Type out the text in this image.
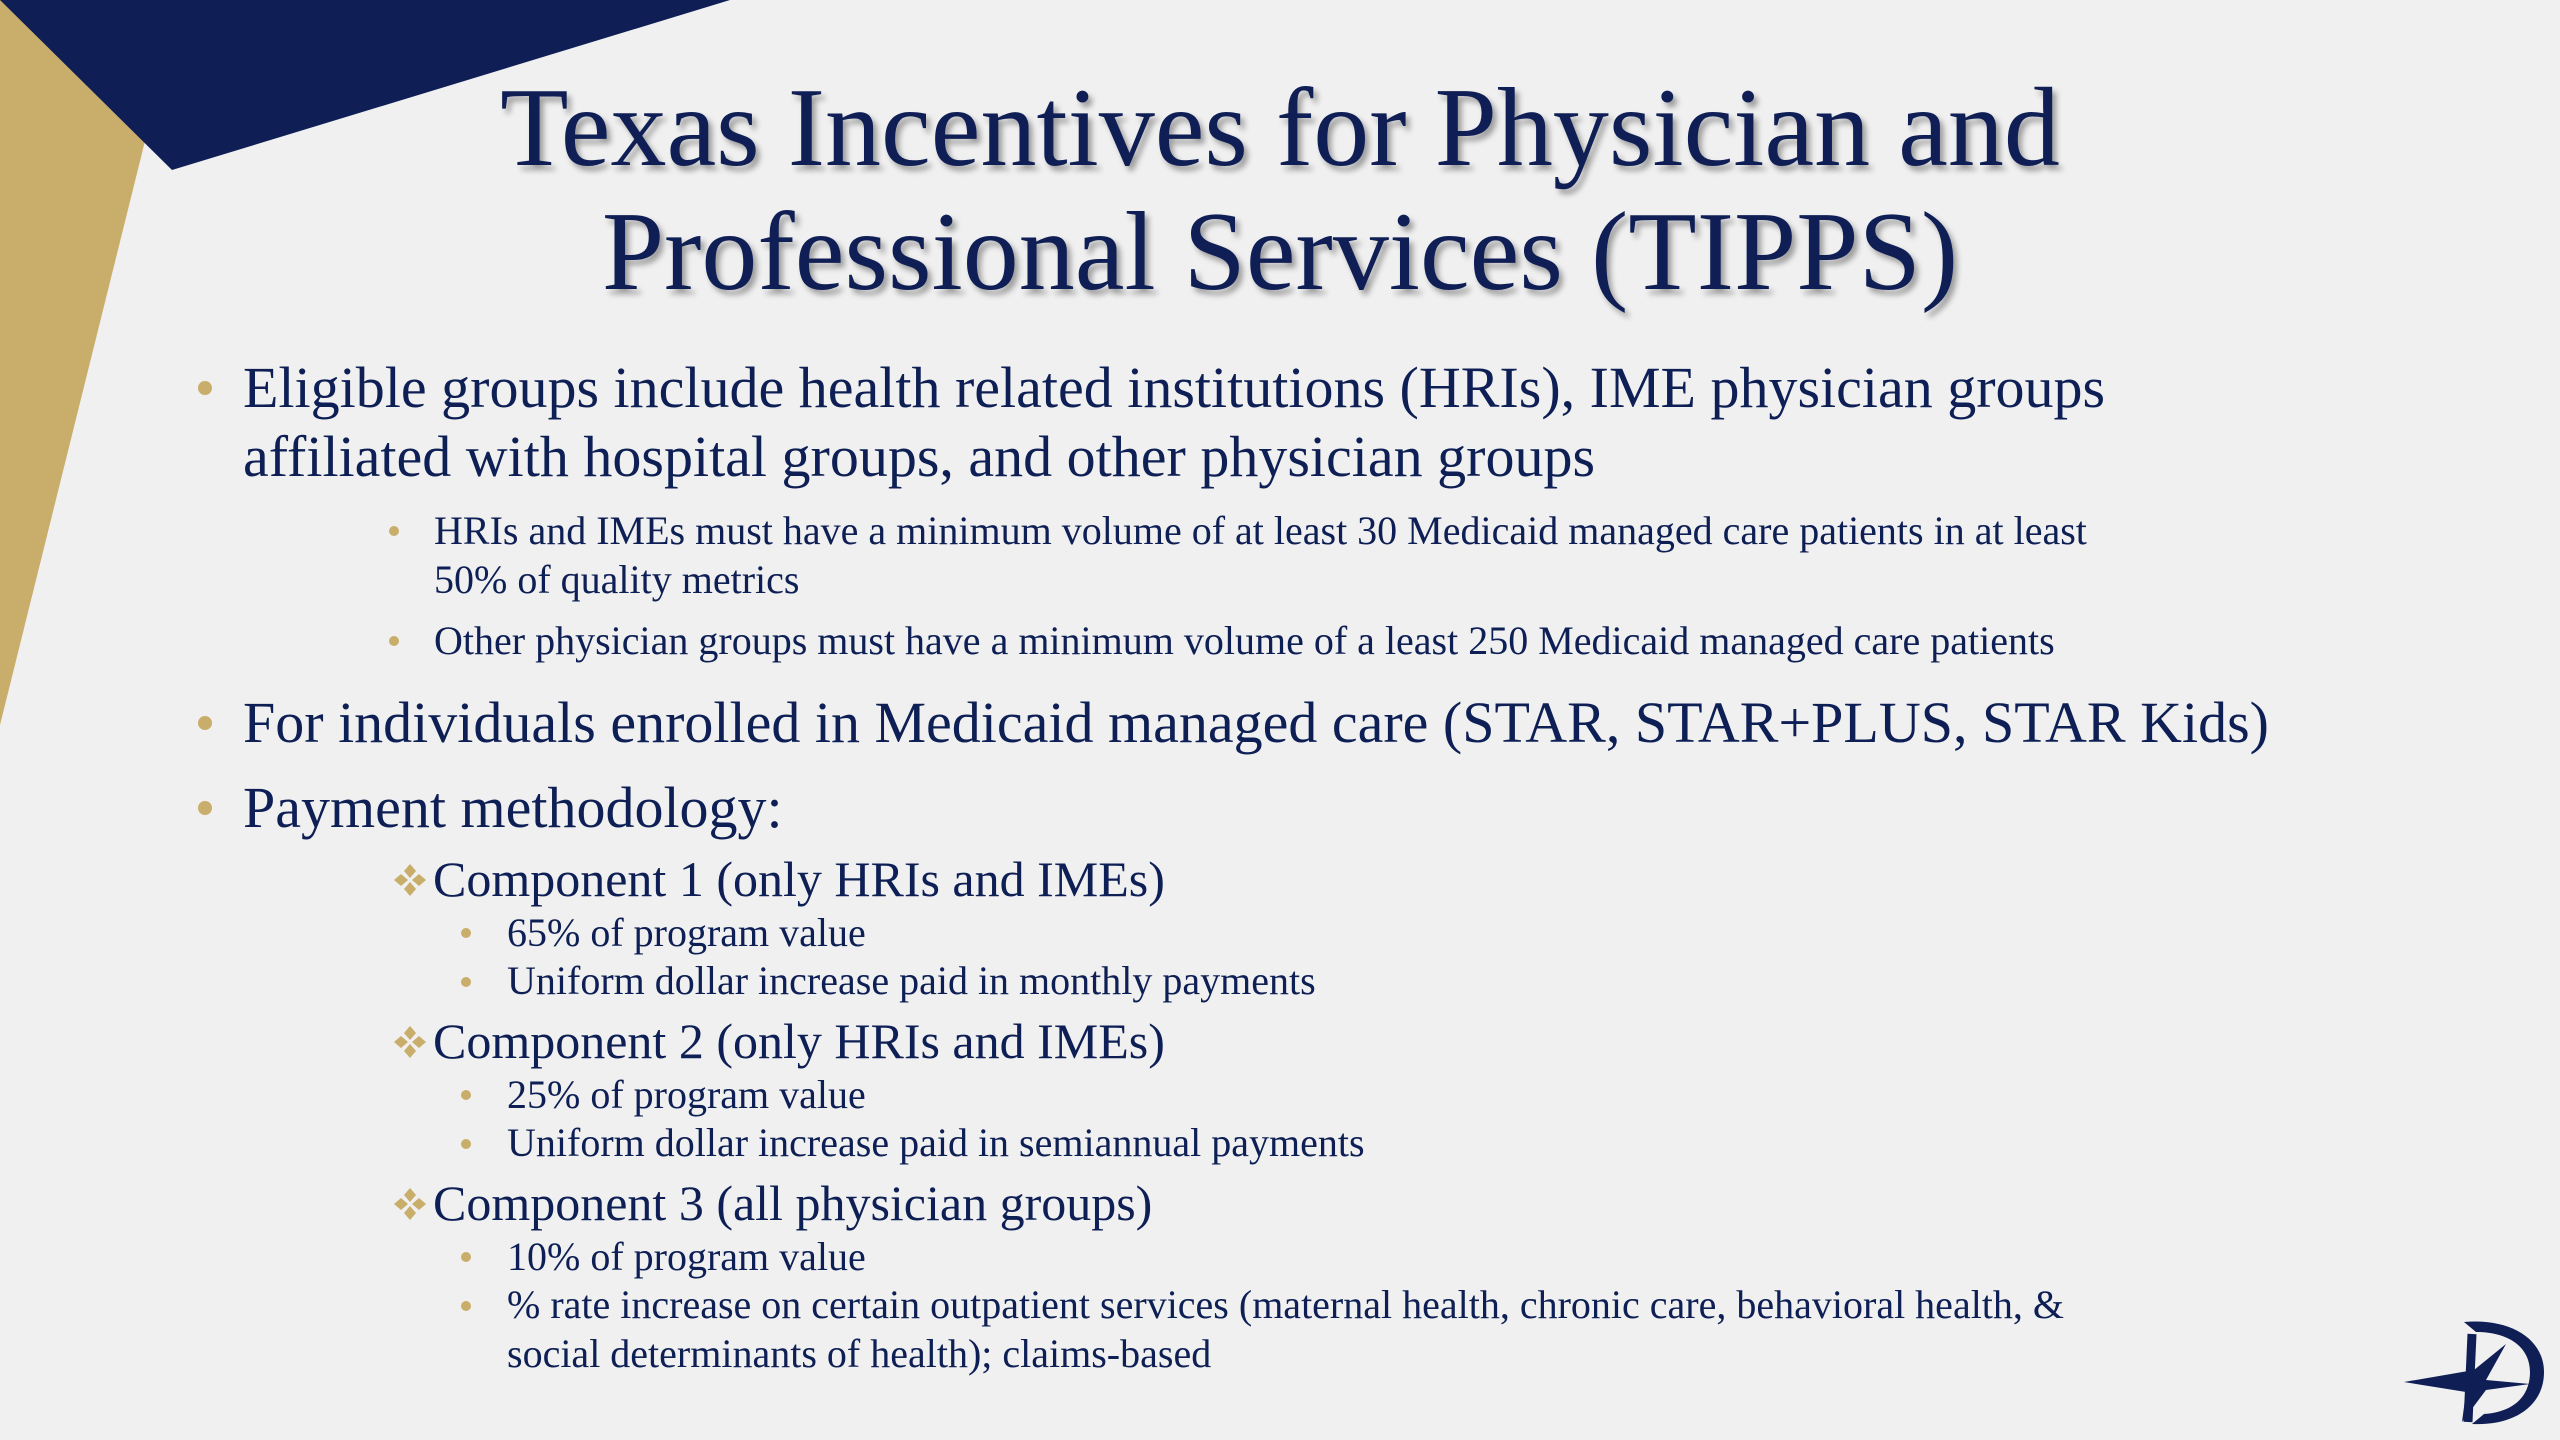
Texas Incentives for Physician and
Professional Services (TIPPS)

Eligible groups include health related institutions (HRIs), IME physician groups

affiliated with hospital groups, and other physician groups

HRIs and IMEs must have a minimum volume of at least 30 Medicaid managed care patients in at least

50% of quality metrics

Other physician groups must have a minimum volume of a least 250 Medicaid managed care patients

For individuals enrolled in Medicaid managed care (STAR, STAR+PLUS, STAR Kids)

Payment methodology:

Component 1 (only HRIs and IMEs)

65% of program value

Uniform dollar increase paid in monthly payments

Component 2 (only HRIs and IMEs)

25% of program value

Uniform dollar increase paid in semiannual payments

Component 3 (all physician groups)

10% of program value

% rate increase on certain outpatient services (maternal health, chronic care, behavioral health, &

social determinants of health); claims-based
